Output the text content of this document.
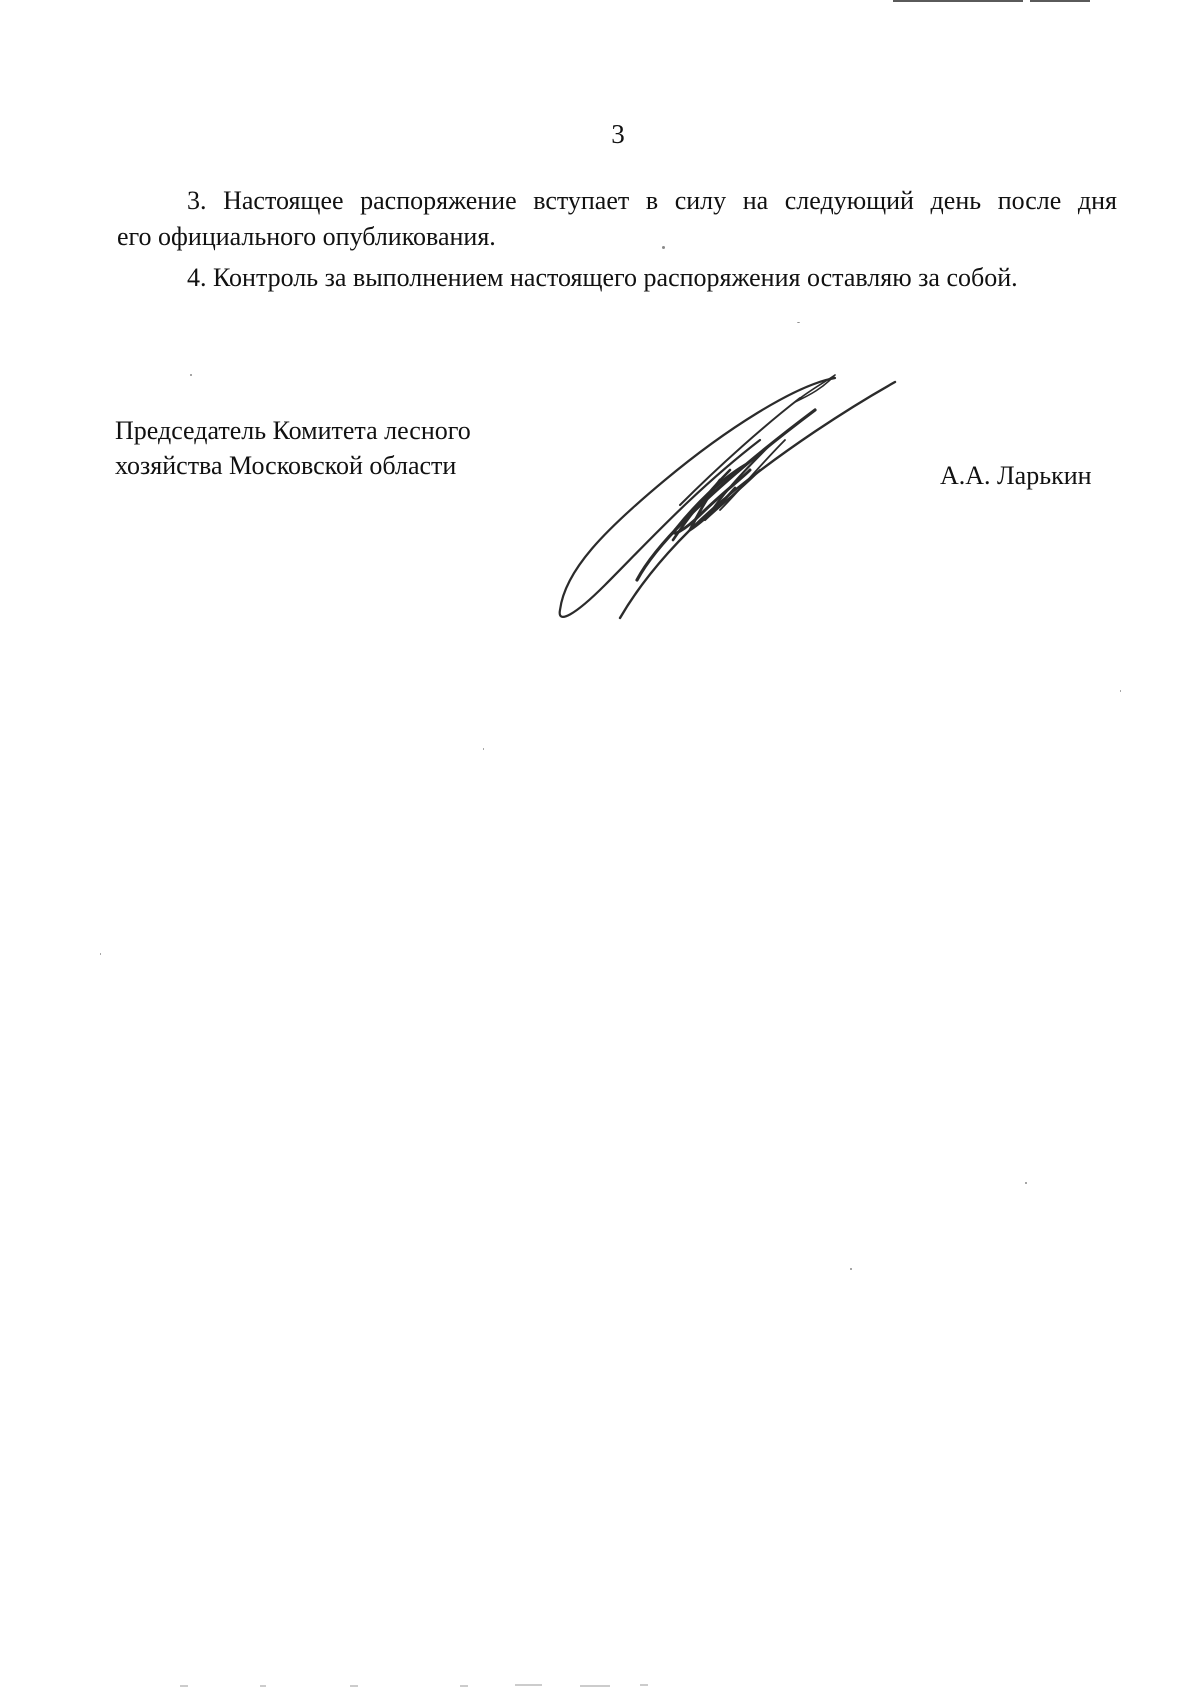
3

3. Настоящее распоряжение вступает в силу на следующий день после дня

его официального опубликования.

4. Контроль за выполнением настоящего распоряжения оставляю за собой.

Председатель Комитета лесного
хозяйства Московской области	А.А. Ларькин
